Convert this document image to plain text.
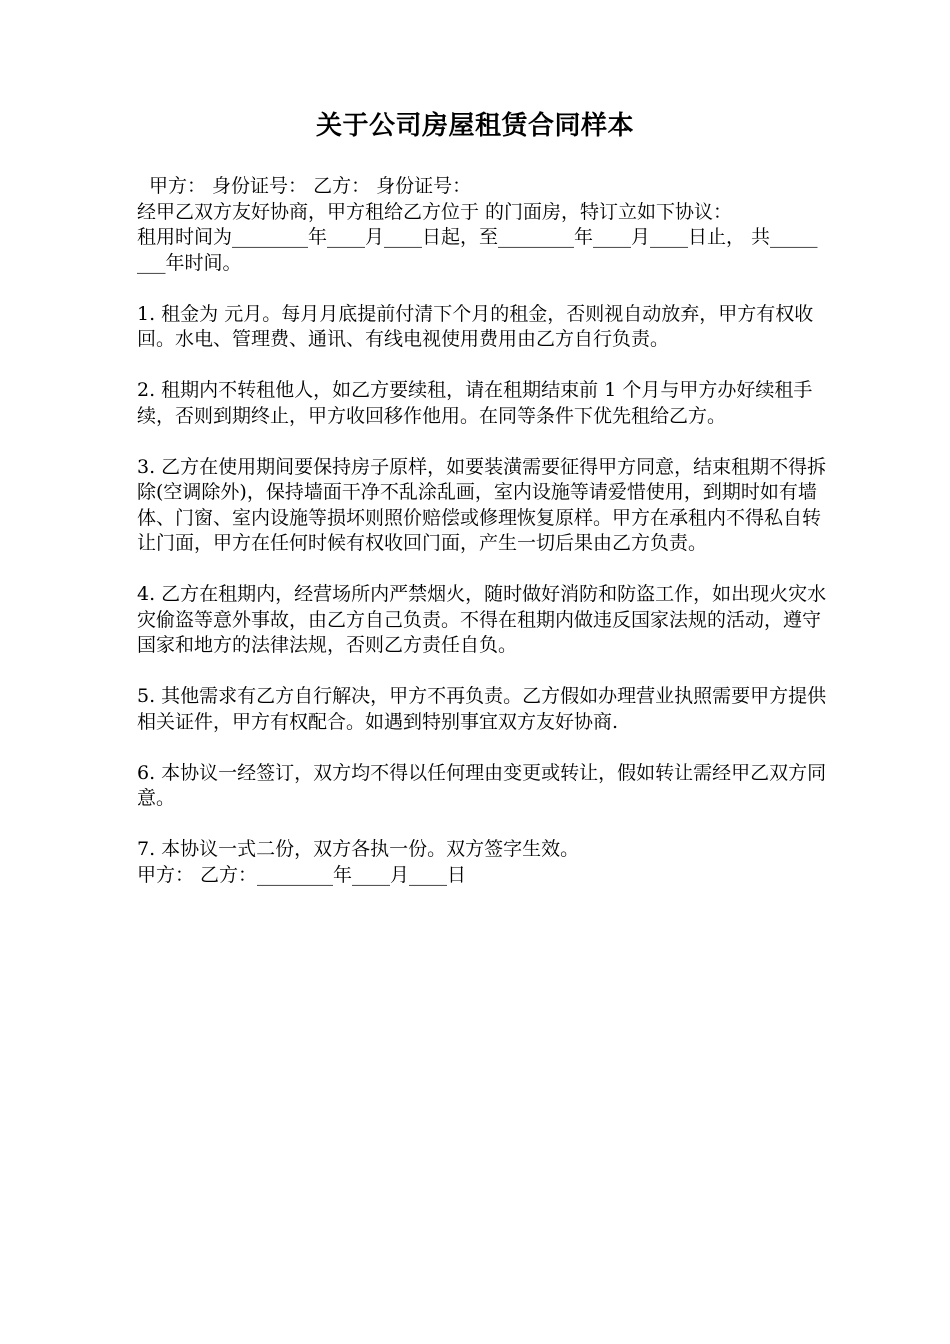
关于公司房屋租赁合同样本

甲方： 身份证号： 乙方： 身份证号：

经甲乙双方友好协商，甲方租给乙方位于 的门面房，特订立如下协议：

租用时间为________年____月____日起，至________年____月____日止， 共________年时间。

1. 租金为 元月。每月月底提前付清下个月的租金，否则视自动放弃，甲方有权收回。水电、管理费、通讯、有线电视使用费用由乙方自行负责。

2. 租期内不转租他人，如乙方要续租，请在租期结束前 1 个月与甲方办好续租手续，否则到期终止，甲方收回移作他用。在同等条件下优先租给乙方。

3. 乙方在使用期间要保持房子原样，如要装潢需要征得甲方同意，结束租期不得拆除(空调除外)，保持墙面干净不乱涂乱画，室内设施等请爱惜使用，到期时如有墙体、门窗、室内设施等损坏则照价赔偿或修理恢复原样。甲方在承租内不得私自转让门面，甲方在任何时候有权收回门面，产生一切后果由乙方负责。

4. 乙方在租期内，经营场所内严禁烟火，随时做好消防和防盗工作，如出现火灾水灾偷盗等意外事故，由乙方自己负责。不得在租期内做违反国家法规的活动，遵守国家和地方的法律法规，否则乙方责任自负。

5. 其他需求有乙方自行解决，甲方不再负责。乙方假如办理营业执照需要甲方提供相关证件，甲方有权配合。如遇到特别事宜双方友好协商.

6. 本协议一经签订，双方均不得以任何理由变更或转让，假如转让需经甲乙双方同意。

7. 本协议一式二份，双方各执一份。双方签字生效。

甲方： 乙方：________年____月____日
